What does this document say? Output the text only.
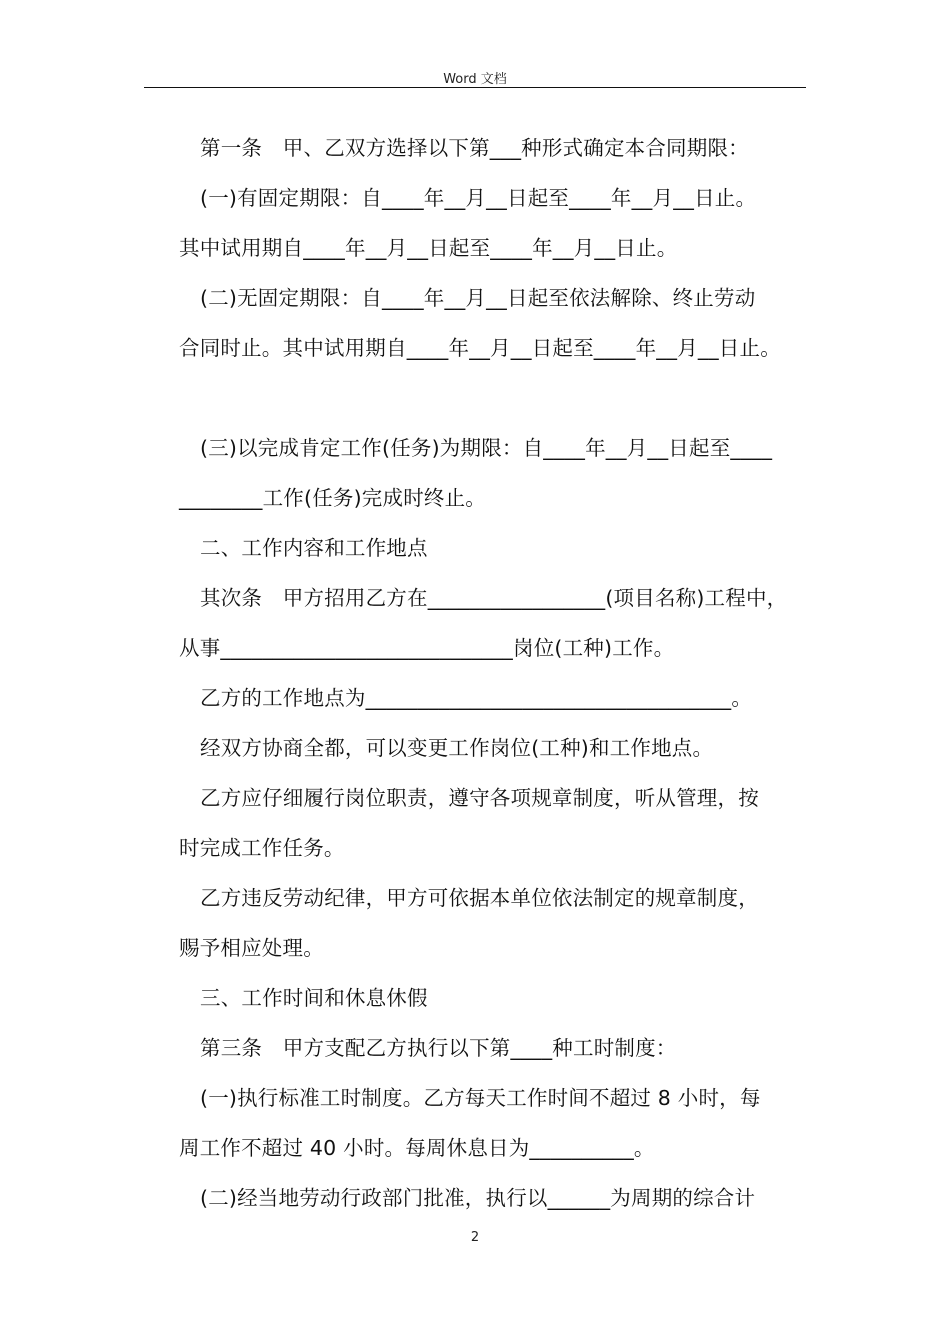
Word 文档
第一条　甲、乙双方选择以下第___种形式确定本合同期限：
(一)有固定期限：自____年__月__日起至____年__月__日止。
其中试用期自____年__月__日起至____年__月__日止。
(二)无固定期限：自____年__月__日起至依法解除、终止劳动
合同时止。其中试用期自____年__月__日起至____年__月__日止。
(三)以完成肯定工作(任务)为期限：自____年__月__日起至____
________工作(任务)完成时终止。
二、工作内容和工作地点
其次条　甲方招用乙方在_________________(项目名称)工程中，
从事____________________________岗位(工种)工作。
乙方的工作地点为___________________________________。
经双方协商全都，可以变更工作岗位(工种)和工作地点。
乙方应仔细履行岗位职责，遵守各项规章制度，听从管理，按
时完成工作任务。
乙方违反劳动纪律，甲方可依据本单位依法制定的规章制度，
赐予相应处理。
三、工作时间和休息休假
第三条　甲方支配乙方执行以下第____种工时制度：
(一)执行标准工时制度。乙方每天工作时间不超过 8 小时，每
周工作不超过 40 小时。每周休息日为__________。
(二)经当地劳动行政部门批准，执行以______为周期的综合计
2
